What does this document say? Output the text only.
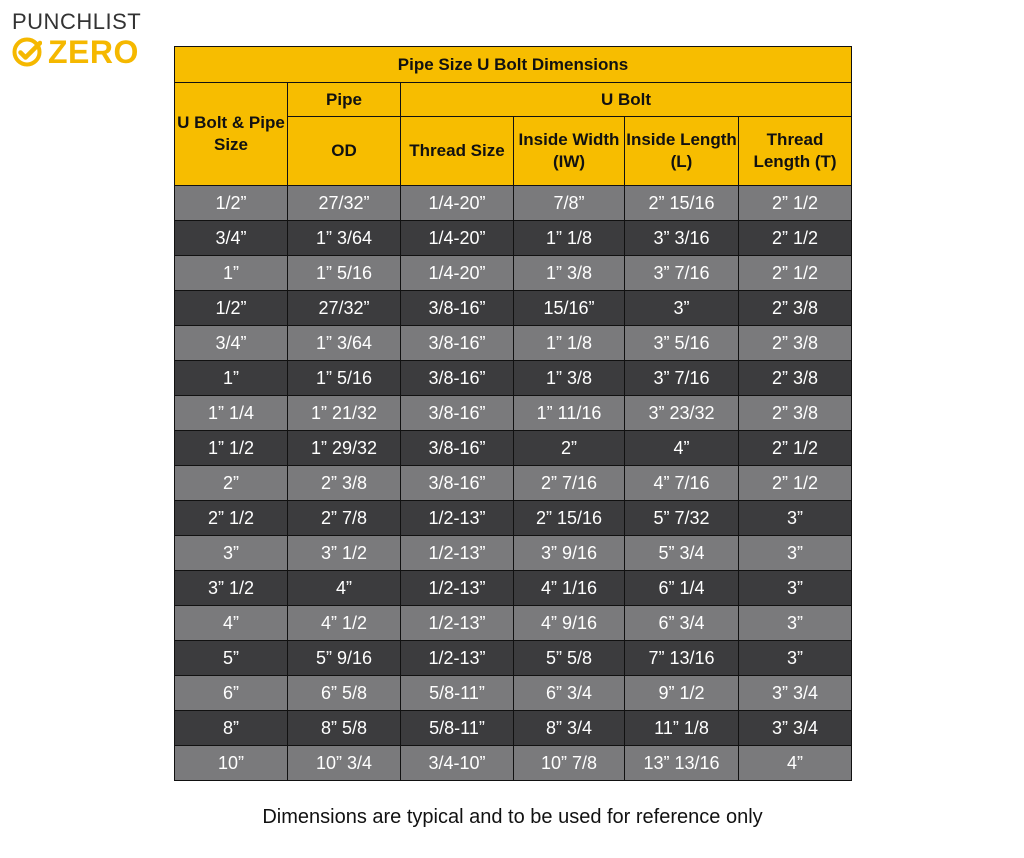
PUNCHLIST
ZERO	Pipe Size U Bolt Dimensions					
U Bolt & Pipe Size	Pipe	U Bolt			
	OD	Thread Size	Inside Width (IW)	Inside Length (L)	Thread Length (T)
1/2”	27/32”	1/4-20”	7/8”	2” 15/16	2” 1/2
3/4”	1” 3/64	1/4-20”	1” 1/8	3” 3/16	2” 1/2
1”	1” 5/16	1/4-20”	1” 3/8	3” 7/16	2” 1/2
1/2”	27/32”	3/8-16”	15/16”	3”	2” 3/8
3/4”	1” 3/64	3/8-16”	1” 1/8	3” 5/16	2” 3/8
1”	1” 5/16	3/8-16”	1” 3/8	3” 7/16	2” 3/8
1” 1/4	1” 21/32	3/8-16”	1” 11/16	3” 23/32	2” 3/8
1” 1/2	1” 29/32	3/8-16”	2”	4”	2” 1/2
2”	2” 3/8	3/8-16”	2” 7/16	4” 7/16	2” 1/2
2” 1/2	2” 7/8	1/2-13”	2” 15/16	5” 7/32	3”
3”	3” 1/2	1/2-13”	3” 9/16	5” 3/4	3”
3” 1/2	4”	1/2-13”	4” 1/16	6” 1/4	3”
4”	4” 1/2	1/2-13”	4” 9/16	6” 3/4	3”
5”	5” 9/16	1/2-13”	5” 5/8	7” 13/16	3”
6”	6” 5/8	5/8-11”	6” 3/4	9” 1/2	3” 3/4
8”	8” 5/8	5/8-11”	8” 3/4	11” 1/8	3” 3/4
10”	10” 3/4	3/4-10”	10” 7/8	13” 13/16	4”
Dimensions are typical and to be used for reference only
